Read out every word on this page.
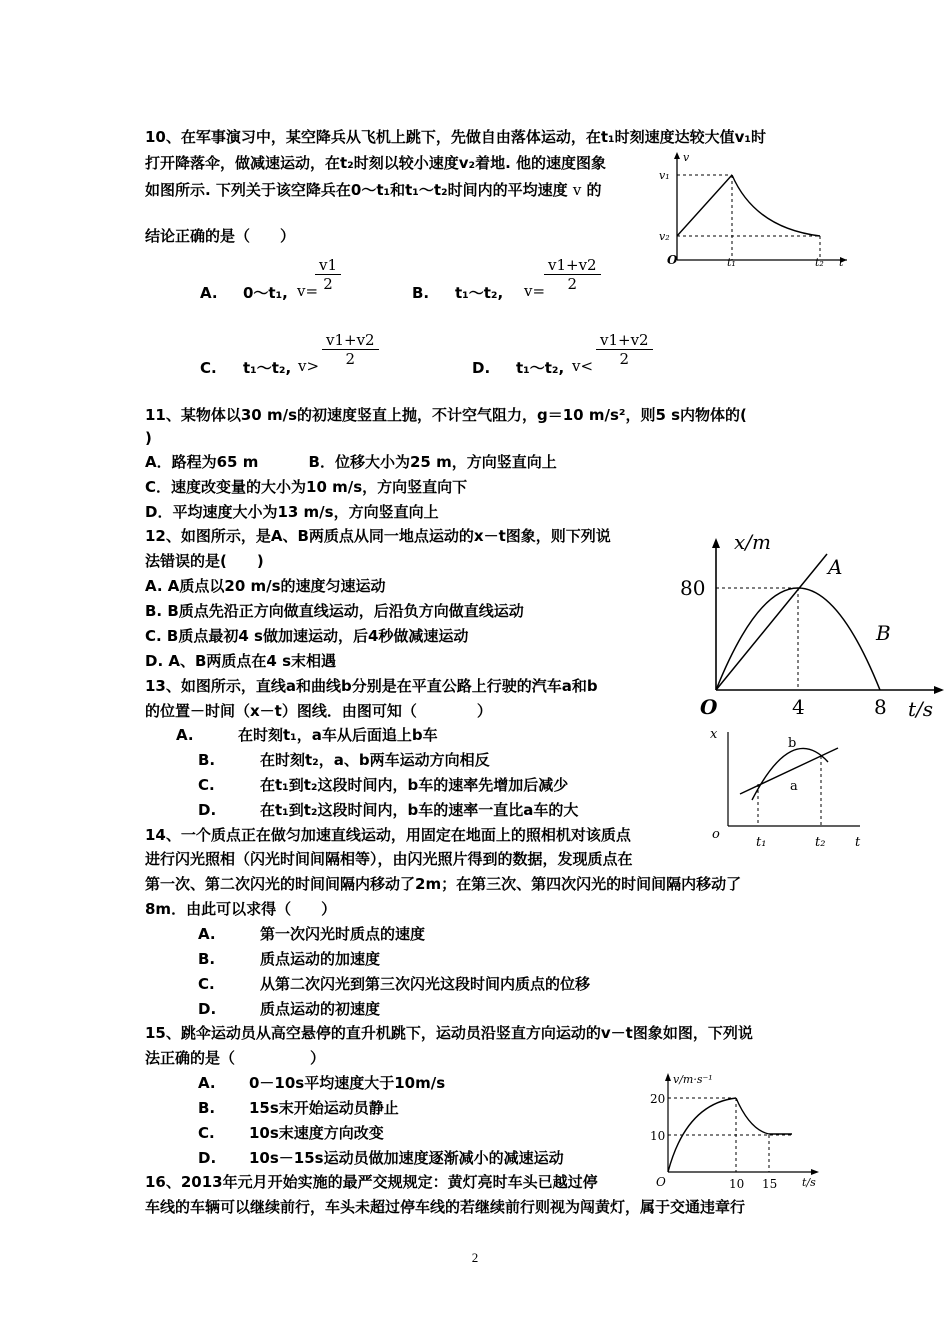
10、在军事演习中，某空降兵从飞机上跳下，先做自由落体运动，在t₁时刻速度达较大值v₁时
打开降落伞，做减速运动，在t₂时刻以较小速度v₂着地. 他的速度图象
如图所示. 下列关于该空降兵在0～t₁和t₁～t₂时间内的平均速度 v 的
结论正确的是（　　）
A. 0～t₁, v=
$\frac{v1}{2}$	B. t₁～t₂, v=
$\frac{v1+v2}{2}$
C. t₁～t₂, $v> \frac{v1+v2}{2}$	D. t₁～t₂, $v< \frac{v1+v2}{2}$
v
v₁
v₂
O	t₁	t₂ t
11、某物体以30 m/s的初速度竖直上抛，不计空气阻力，g＝10 m/s²，则5 s内物体的(
)
A．路程为65 m　　　 B．位移大小为25 m，方向竖直向上
C．速度改变量的大小为10 m/s，方向竖直向下
D．平均速度大小为13 m/s，方向竖直向上
12、如图所示，是A、B两质点从同一地点运动的x－t图象，则下列说
法错误的是(　　)
A. A质点以20 m/s的速度匀速运动
B. B质点先沿正方向做直线运动，后沿负方向做直线运动
C. B质点最初4 s做加速运动，后4秒做减速运动
D. A、B两质点在4 s末相遇
x/m
80
A
B
O	4	8 t/s
13、如图所示，直线a和曲线b分别是在平直公路上行驶的汽车a和b
的位置－时间（x－t）图线．由图可知（　　　　）
A.	在时刻t₁，a车从后面追上b车
B.	在时刻t₂，a、b两车运动方向相反
C.	在t₁到t₂这段时间内，b车的速率先增加后减少
D.	在t₁到t₂这段时间内，b车的速率一直比a车的大
x
b
a
o
t₁	t₂ t
14、一个质点正在做匀加速直线运动，用固定在地面上的照相机对该质点
进行闪光照相（闪光时间间隔相等），由闪光照片得到的数据，发现质点在
第一次、第二次闪光的时间间隔内移动了2m；在第三次、第四次闪光的时间间隔内移动了
8m．由此可以求得（　　）
A.	第一次闪光时质点的速度
B.	质点运动的加速度
C.	从第二次闪光到第三次闪光这段时间内质点的位移
D.	质点运动的初速度
15、跳伞运动员从高空悬停的直升机跳下，运动员沿竖直方向运动的v－t图象如图，下列说
法正确的是（　　　　　）
A. 0－10s平均速度大于10m/s
B. 15s末开始运动员静止
C. 10s末速度方向改变
D. 10s－15s运动员做加速度逐渐减小的减速运动
v/m·s⁻¹
20
10
O	10 15 t/s
16、2013年元月开始实施的最严交规规定：黄灯亮时车头已越过停
车线的车辆可以继续前行，车头未超过停车线的若继续前行则视为闯黄灯，属于交通违章行
2
